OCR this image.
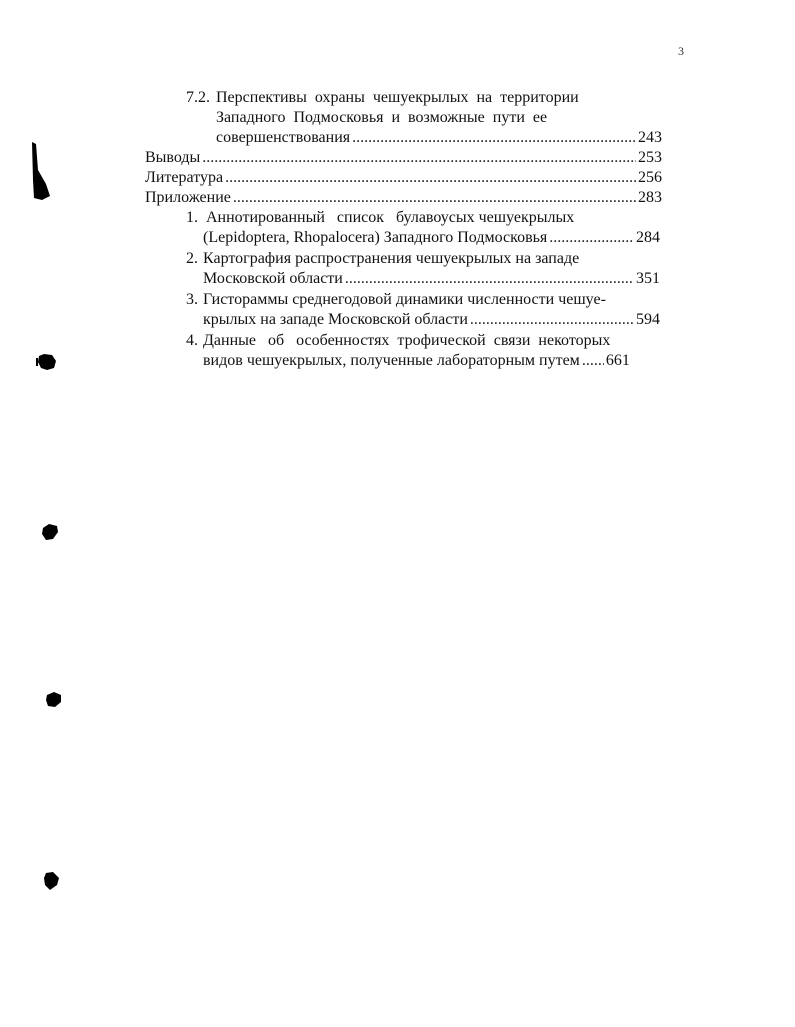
3
7.2. Перспективы  охраны  чешуекрылых  на  территории
Западного  Подмосковья  и  возможные  пути  ее
совершенствования .....	243
Выводы .....	253
Литература .....	256
Приложение .....	283
1. Аннотированный   список   булавоусых чешуекрылых
(Lepidoptera, Rhopalocera) Западного Подмосковья .....	284
2. Картография распространения чешуекрылых на западе
Московской области .....	351
3. Гистораммы среднегодовой динамики численности чешуе-
крылых на западе Московской области .....	594
4. Данные   об   особенностях  трофической  связи  некоторых
видов чешуекрылых, полученные лабораторным путем ..... 661
